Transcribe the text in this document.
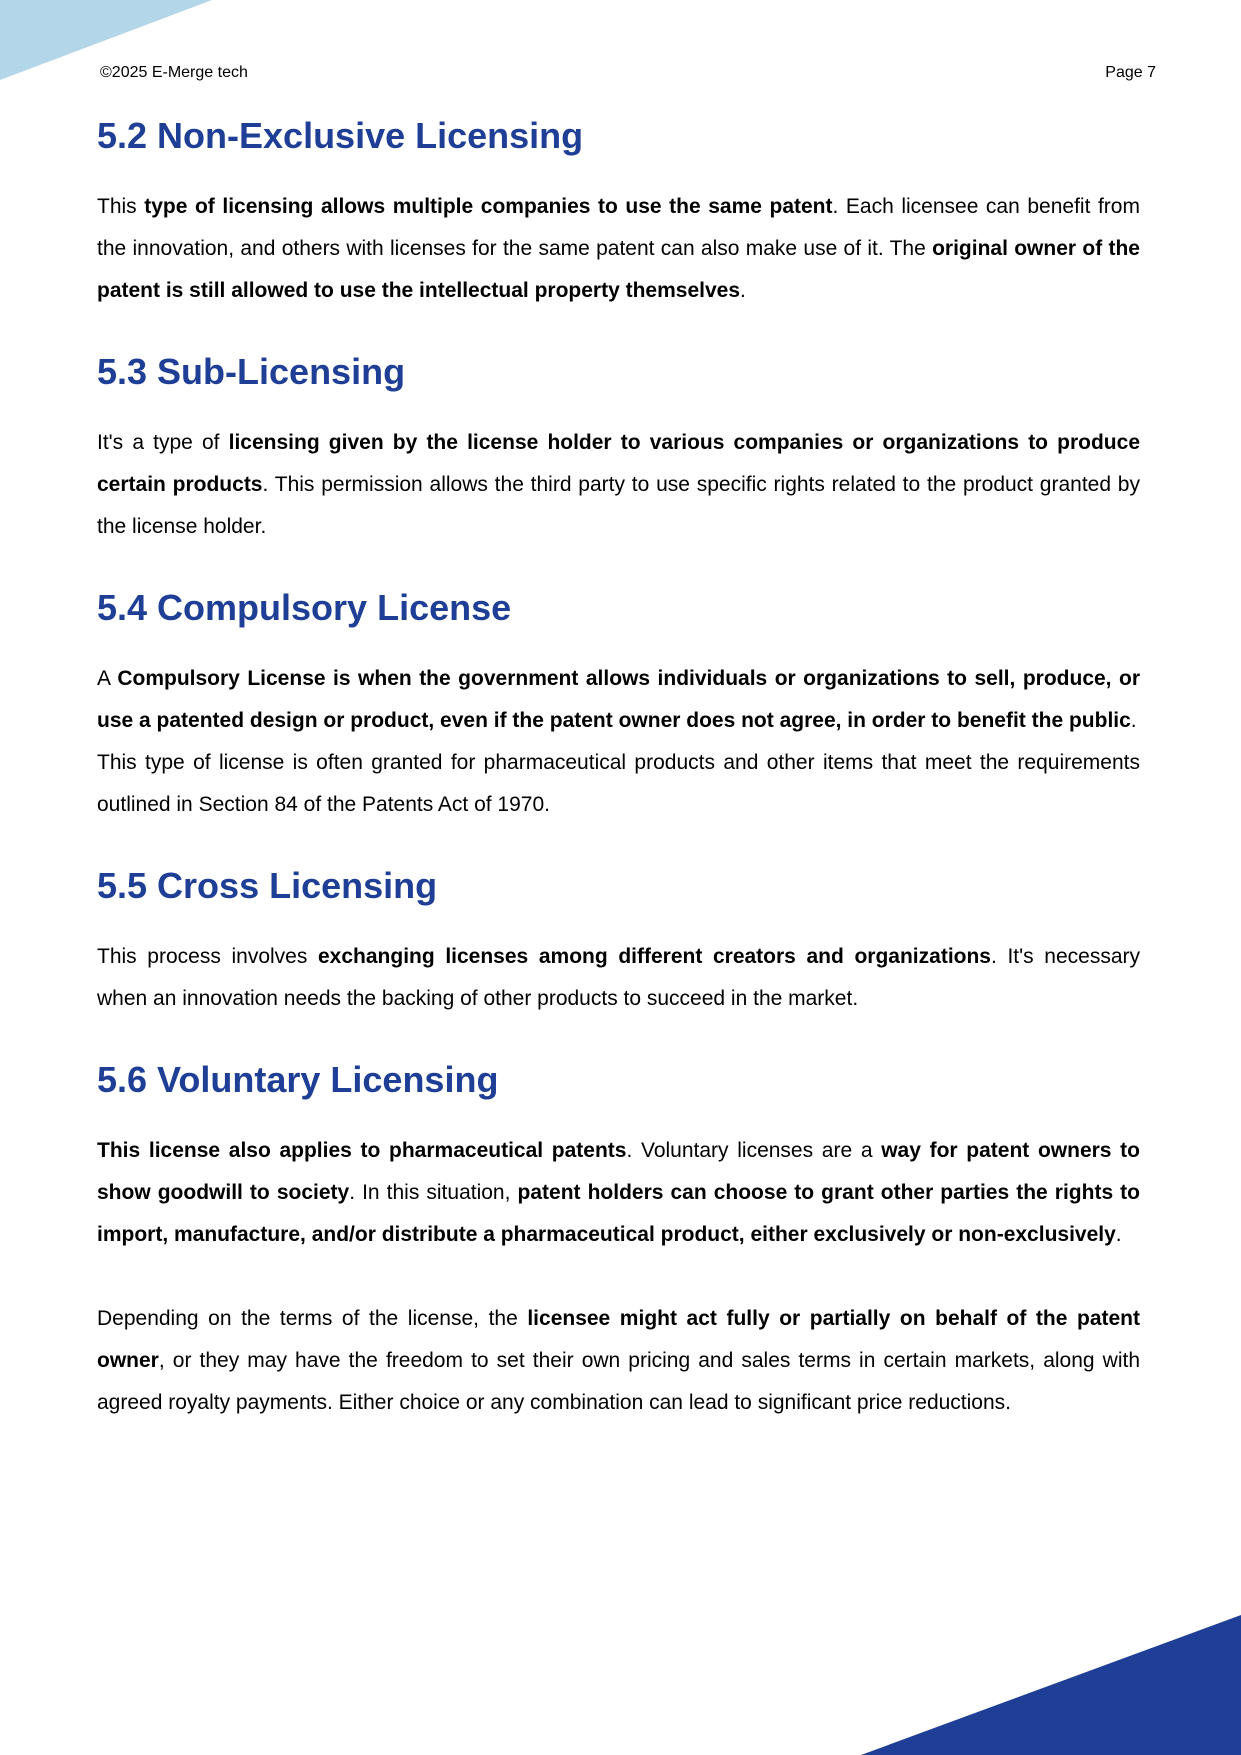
©2025 E-Merge tech	Page 7
5.2 Non-Exclusive Licensing

This type of licensing allows multiple companies to use the same patent. Each licensee can benefit from the innovation, and others with licenses for the same patent can also make use of it. The original owner of the patent is still allowed to use the intellectual property themselves.

5.3 Sub-Licensing

It's a type of licensing given by the license holder to various companies or organizations to produce certain products. This permission allows the third party to use specific rights related to the product granted by the license holder.

5.4 Compulsory License

A Compulsory License is when the government allows individuals or organizations to sell, produce, or use a patented design or product, even if the patent owner does not agree, in order to benefit the public.

This type of license is often granted for pharmaceutical products and other items that meet the requirements outlined in Section 84 of the Patents Act of 1970.

5.5 Cross Licensing

This process involves exchanging licenses among different creators and organizations. It's necessary when an innovation needs the backing of other products to succeed in the market.

5.6 Voluntary Licensing

This license also applies to pharmaceutical patents. Voluntary licenses are a way for patent owners to show goodwill to society. In this situation, patent holders can choose to grant other parties the rights to import, manufacture, and/or distribute a pharmaceutical product, either exclusively or non-exclusively.

Depending on the terms of the license, the licensee might act fully or partially on behalf of the patent owner, or they may have the freedom to set their own pricing and sales terms in certain markets, along with agreed royalty payments. Either choice or any combination can lead to significant price reductions.
